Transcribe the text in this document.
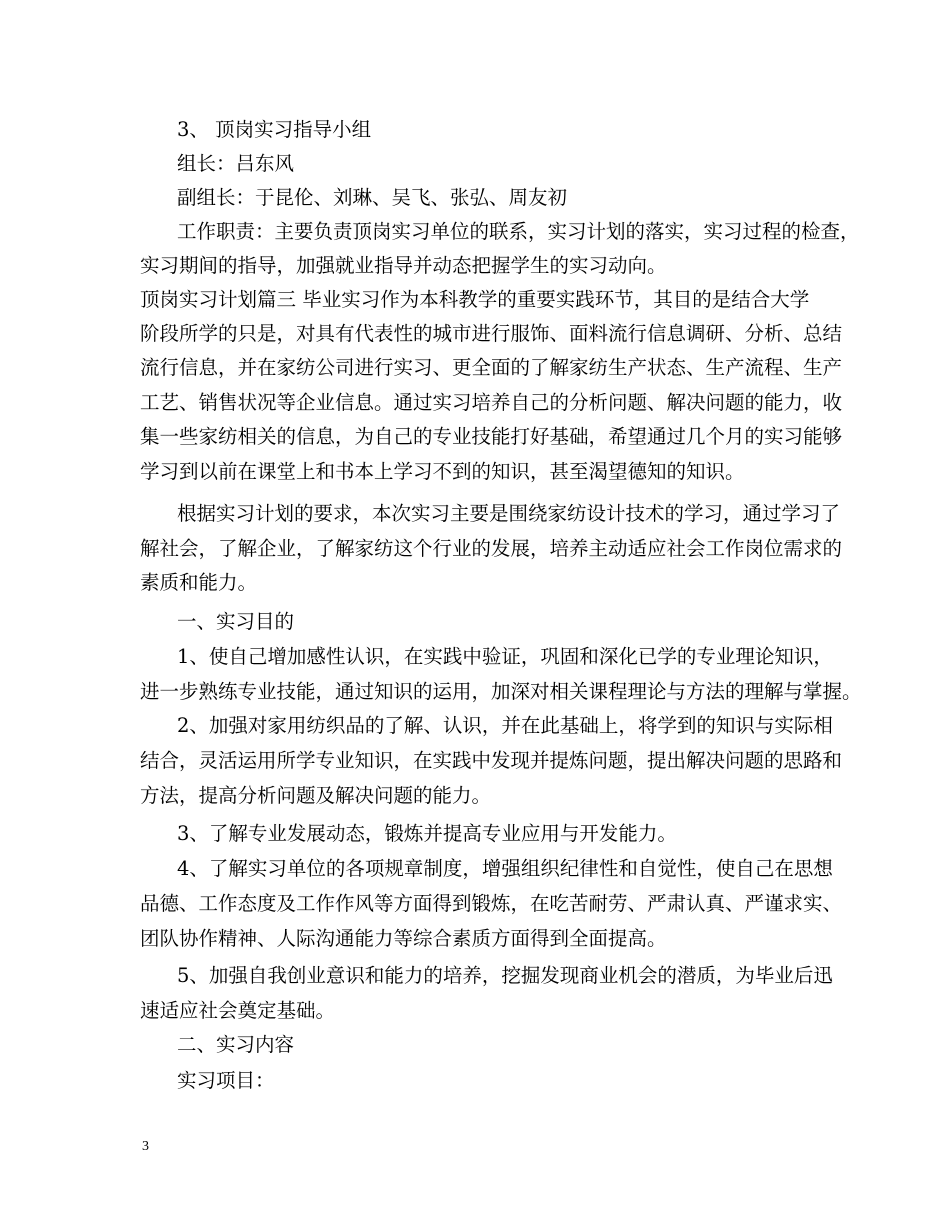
3、 顶岗实习指导小组
组长：吕东风
副组长：于昆伦、刘琳、吴飞、张弘、周友初
工作职责：主要负责顶岗实习单位的联系，实习计划的落实，实习过程的检查，
实习期间的指导，加强就业指导并动态把握学生的实习动向。
顶岗实习计划篇三 毕业实习作为本科教学的重要实践环节，其目的是结合大学
阶段所学的只是，对具有代表性的城市进行服饰、面料流行信息调研、分析、总结
流行信息，并在家纺公司进行实习、更全面的了解家纺生产状态、生产流程、生产
工艺、销售状况等企业信息。通过实习培养自己的分析问题、解决问题的能力，收
集一些家纺相关的信息，为自己的专业技能打好基础，希望通过几个月的实习能够
学习到以前在课堂上和书本上学习不到的知识，甚至渴望德知的知识。
根据实习计划的要求，本次实习主要是围绕家纺设计技术的学习，通过学习了
解社会，了解企业，了解家纺这个行业的发展，培养主动适应社会工作岗位需求的
素质和能力。
一、实习目的
1、使自己增加感性认识，在实践中验证，巩固和深化已学的专业理论知识，
进一步熟练专业技能，通过知识的运用，加深对相关课程理论与方法的理解与掌握。
2、加强对家用纺织品的了解、认识，并在此基础上，将学到的知识与实际相
结合，灵活运用所学专业知识，在实践中发现并提炼问题，提出解决问题的思路和
方法，提高分析问题及解决问题的能力。
3、了解专业发展动态，锻炼并提高专业应用与开发能力。
4、了解实习单位的各项规章制度，增强组织纪律性和自觉性，使自己在思想
品德、工作态度及工作作风等方面得到锻炼，在吃苦耐劳、严肃认真、严谨求实、
团队协作精神、人际沟通能力等综合素质方面得到全面提高。
5、加强自我创业意识和能力的培养，挖掘发现商业机会的潜质，为毕业后迅
速适应社会奠定基础。
二、实习内容
实习项目：
3
